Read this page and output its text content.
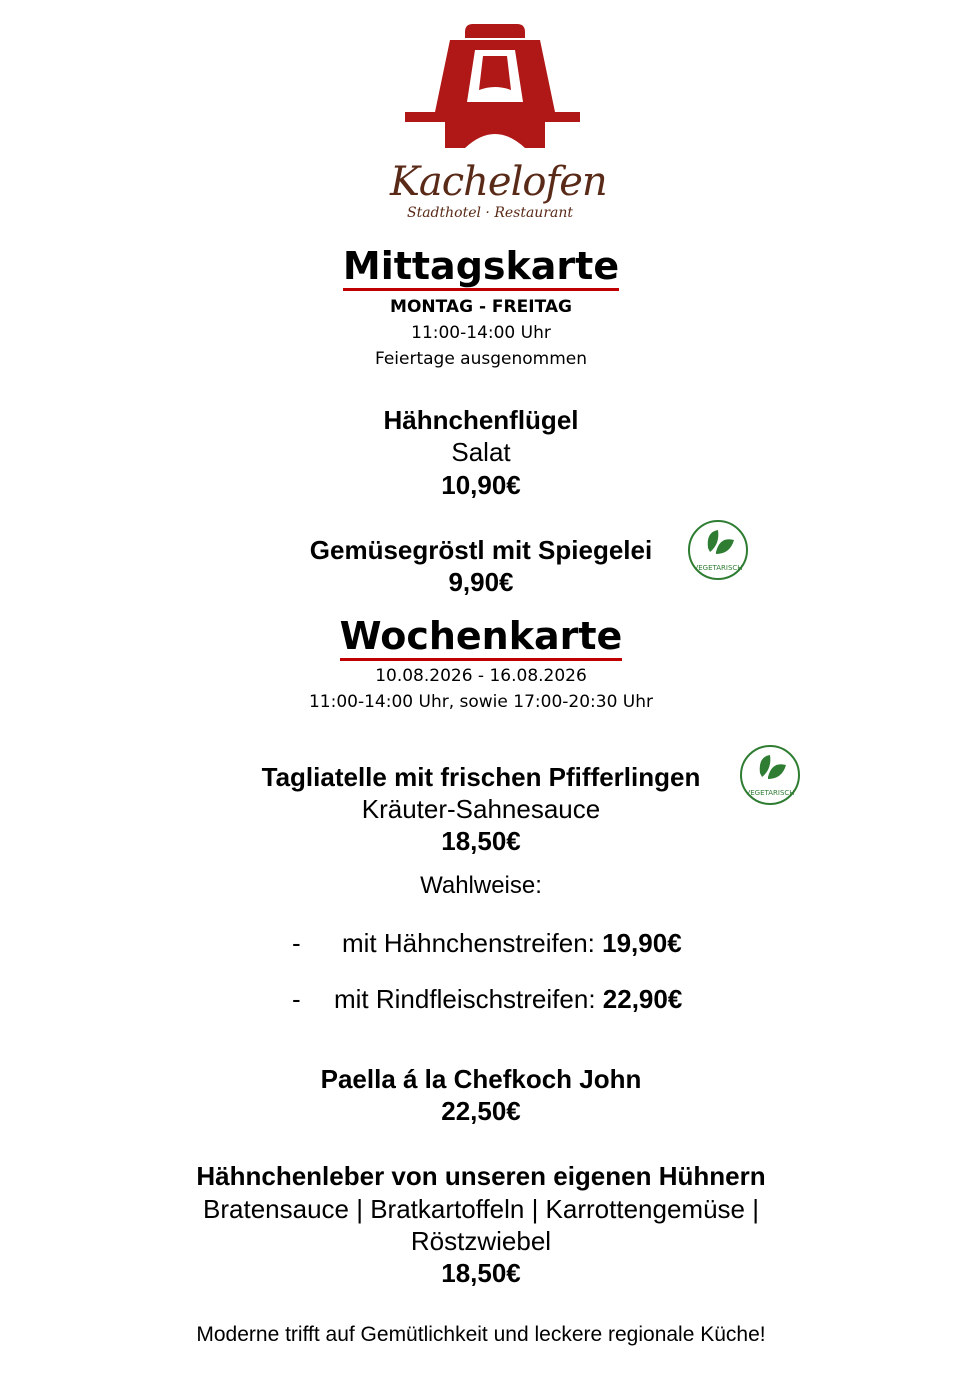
Kachelofen
Stadthotel · Restaurant
Mittagskarte
MONTAG - FREITAG
11:00-14:00 Uhr
Feiertage ausgenommen
Hähnchenflügel
Salat
10,90€
Gemüsegröstl mit Spiegelei
9,90€	VEGETARISCH
Wochenkarte
10.08.2026 - 16.08.2026
11:00-14:00 Uhr, sowie 17:00-20:30 Uhr
Tagliatelle mit frischen Pfifferlingen
VEGETARISCH
Kräuter-Sahnesauce
18,50€
Wahlweise:
- mit Hähnchenstreifen: 19,90€
- mit Rindfleischstreifen: 22,90€
Paella á la Chefkoch John
22,50€
Hähnchenleber von unseren eigenen Hühnern
Bratensauce | Bratkartoffeln | Karrottengemüse |
Röstzwiebel
18,50€
Moderne trifft auf Gemütlichkeit und leckere regionale Küche!
